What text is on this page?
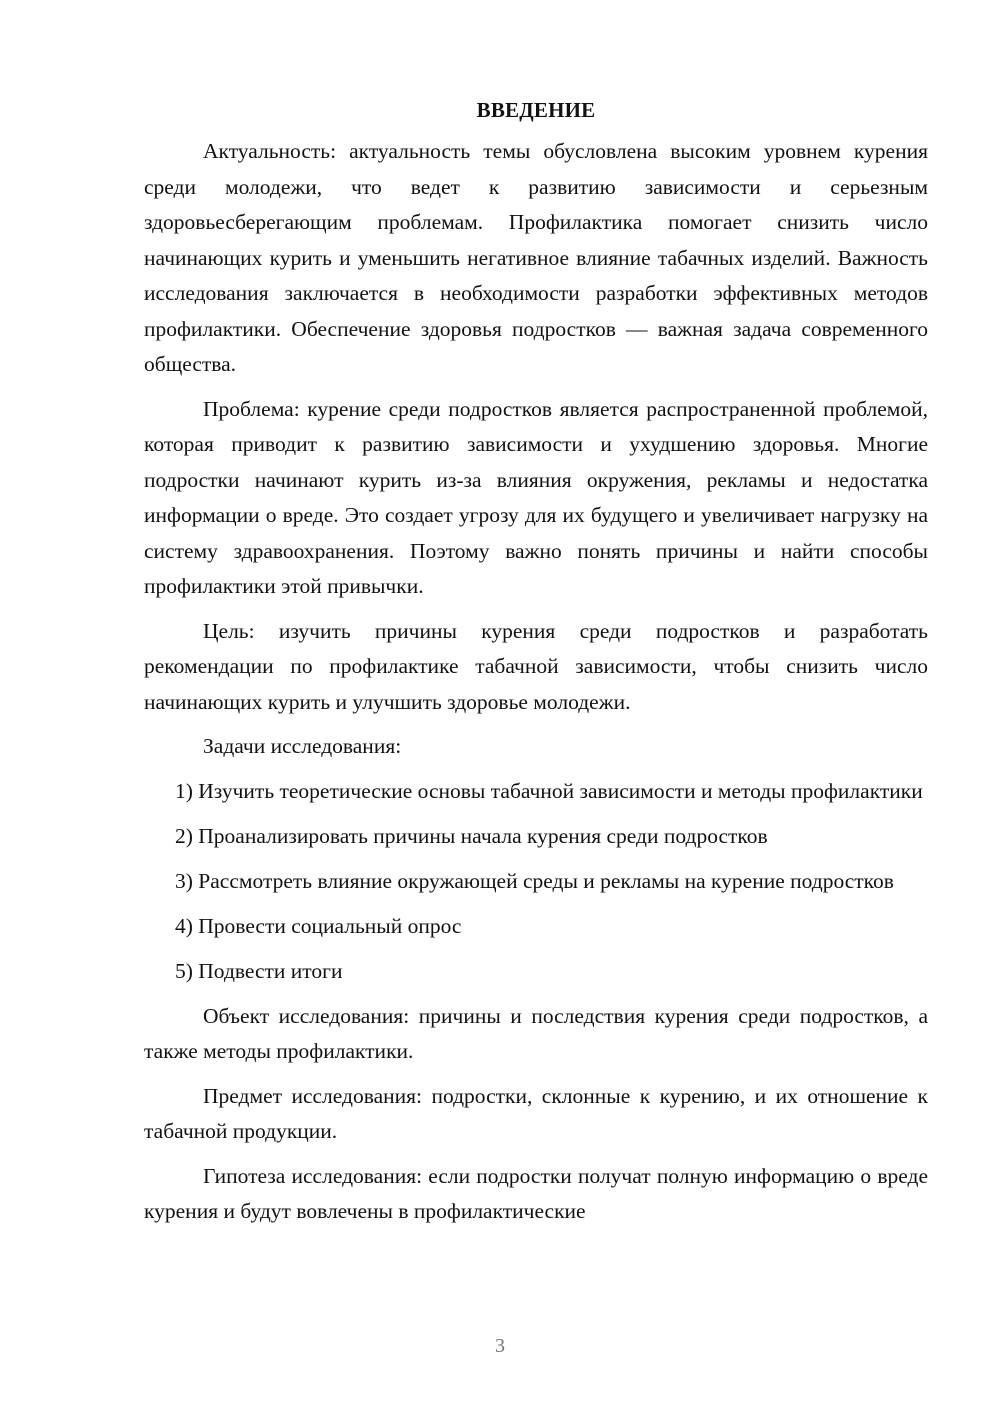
ВВЕДЕНИЕ

Актуальность: актуальность темы обусловлена высоким уровнем курения среди молодежи, что ведет к развитию зависимости и серьезным здоровьесберегающим проблемам. Профилактика помогает снизить число начинающих курить и уменьшить негативное влияние табачных изделий. Важность исследования заключается в необходимости разработки эффективных методов профилактики. Обеспечение здоровья подростков — важная задача современного общества.

Проблема: курение среди подростков является распространенной проблемой, которая приводит к развитию зависимости и ухудшению здоровья. Многие подростки начинают курить из-за влияния окружения, рекламы и недостатка информации о вреде. Это создает угрозу для их будущего и увеличивает нагрузку на систему здравоохранения. Поэтому важно понять причины и найти способы профилактики этой привычки.

Цель: изучить причины курения среди подростков и разработать рекомендации по профилактике табачной зависимости, чтобы снизить число начинающих курить и улучшить здоровье молодежи.

Задачи исследования:

1) Изучить теоретические основы табачной зависимости и методы профилактики

2) Проанализировать причины начала курения среди подростков

3) Рассмотреть влияние окружающей среды и рекламы на курение подростков

4) Провести социальный опрос

5) Подвести итоги

Объект исследования: причины и последствия курения среди подростков, а также методы профилактики.

Предмет исследования: подростки, склонные к курению, и их отношение к табачной продукции.

Гипотеза исследования: если подростки получат полную информацию о вреде курения и будут вовлечены в профилактические

3
